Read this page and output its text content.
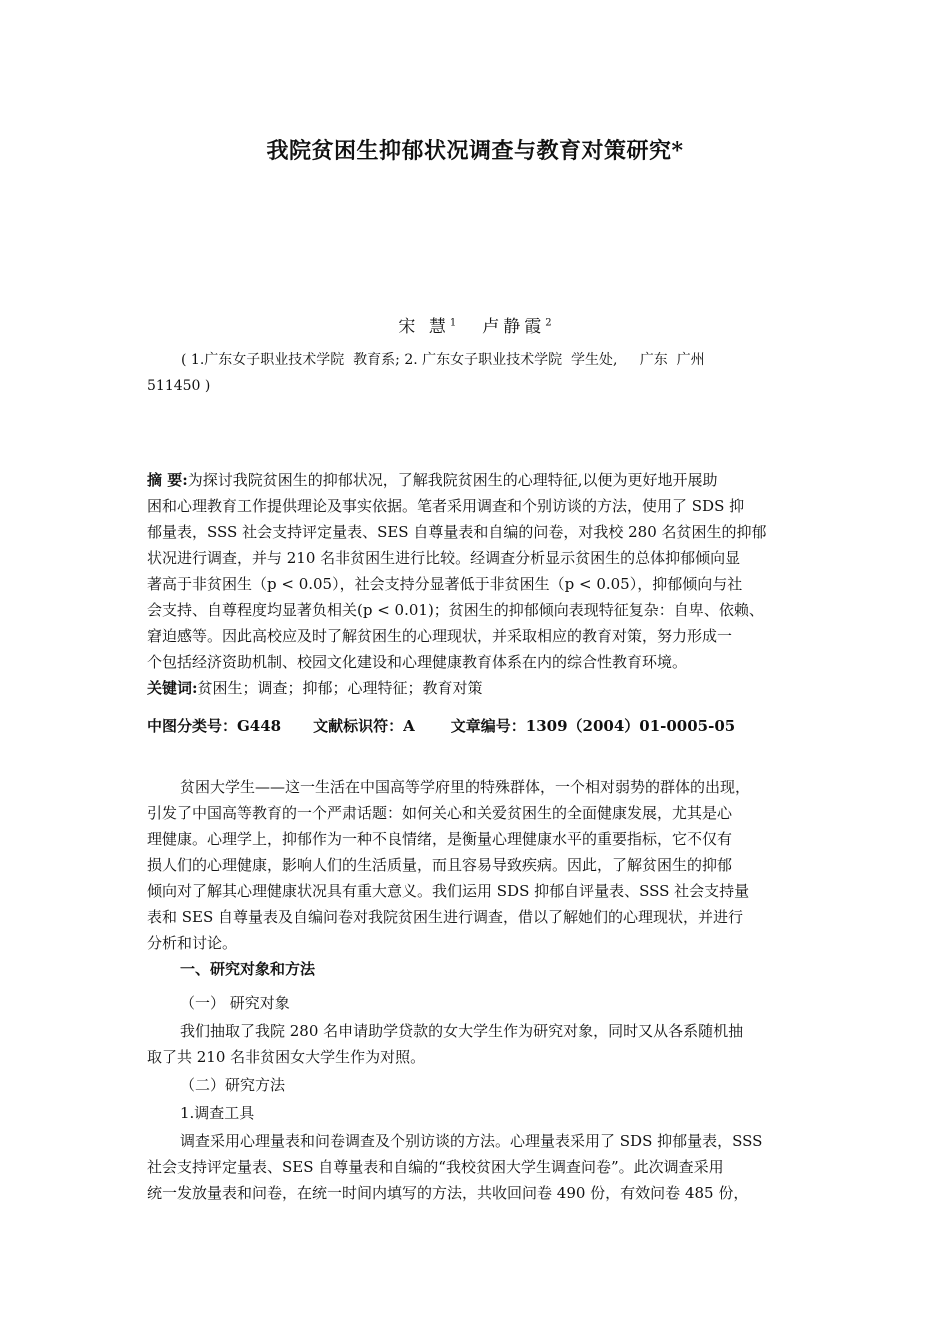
我院贫困生抑郁状况调查与教育对策研究*
宋 慧$^1$ 卢静霞$^2$
( 1.广东女子职业技术学院  教育系; 2. 广东女子职业技术学院  学生处,     广东  广州
511450 )
摘 要:为探讨我院贫困生的抑郁状况，了解我院贫困生的心理特征,以便为更好地开展助
困和心理教育工作提供理论及事实依据。笔者采用调查和个别访谈的方法，使用了 SDS 抑
郁量表，SSS 社会支持评定量表、SES 自尊量表和自编的问卷，对我校 280 名贫困生的抑郁
状况进行调查，并与 210 名非贫困生进行比较。经调查分析显示贫困生的总体抑郁倾向显
著高于非贫困生（p < 0.05），社会支持分显著低于非贫困生（p < 0.05），抑郁倾向与社
会支持、自尊程度均显著负相关(p < 0.01)；贫困生的抑郁倾向表现特征复杂：自卑、依赖、
窘迫感等。因此高校应及时了解贫困生的心理现状，并采取相应的教育对策，努力形成一
个包括经济资助机制、校园文化建设和心理健康教育体系在内的综合性教育环境。
关键词:贫困生；调查；抑郁；心理特征；教育对策
中图分类号：G448 文献标识符：A 文章编号：1309（2004）01-0005-05
贫困大学生——这一生活在中国高等学府里的特殊群体，一个相对弱势的群体的出现，
引发了中国高等教育的一个严肃话题：如何关心和关爱贫困生的全面健康发展，尤其是心
理健康。心理学上，抑郁作为一种不良情绪，是衡量心理健康水平的重要指标，它不仅有
损人们的心理健康，影响人们的生活质量，而且容易导致疾病。因此，了解贫困生的抑郁
倾向对了解其心理健康状况具有重大意义。我们运用 SDS 抑郁自评量表、SSS 社会支持量
表和 SES 自尊量表及自编问卷对我院贫困生进行调查，借以了解她们的心理现状，并进行
分析和讨论。
一、研究对象和方法
（一） 研究对象
我们抽取了我院 280 名申请助学贷款的女大学生作为研究对象，同时又从各系随机抽
取了共 210 名非贫困女大学生作为对照。
（二）研究方法
1.调查工具
调查采用心理量表和问卷调查及个别访谈的方法。心理量表采用了 SDS 抑郁量表，SSS
社会支持评定量表、SES 自尊量表和自编的“我校贫困大学生调查问卷”。此次调查采用
统一发放量表和问卷，在统一时间内填写的方法，共收回问卷 490 份，有效问卷 485 份，
